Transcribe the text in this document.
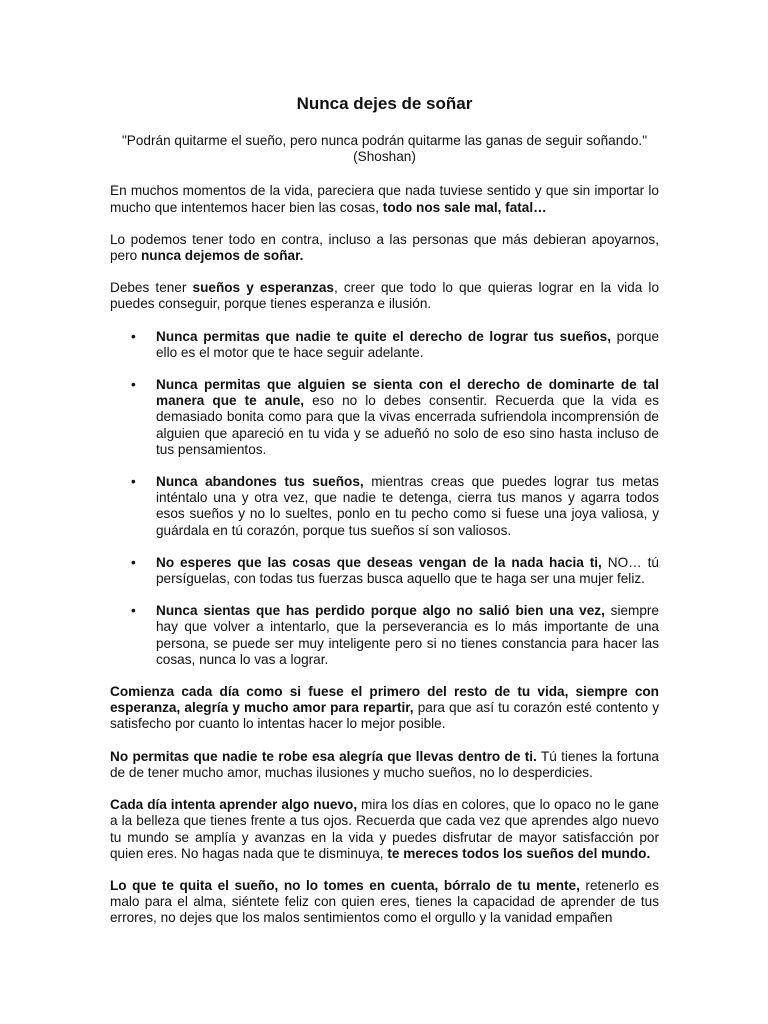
Nunca dejes de soñar

"Podrán quitarme el sueño, pero nunca podrán quitarme las ganas de seguir soñando."
(Shoshan)

En muchos momentos de la vida, pareciera que nada tuviese sentido y que sin importar lo mucho que intentemos hacer bien las cosas, todo nos sale mal, fatal…

Lo podemos tener todo en contra, incluso a las personas que más debieran apoyarnos, pero nunca dejemos de soñar.

Debes tener sueños y esperanzas, creer que todo lo que quieras lograr en la vida lo puedes conseguir, porque tienes esperanza e ilusión.

• Nunca permitas que nadie te quite el derecho de lograr tus sueños, porque ello es el motor que te hace seguir adelante.
• Nunca permitas que alguien se sienta con el derecho de dominarte de tal manera que te anule, eso no lo debes consentir. Recuerda que la vida es demasiado bonita como para que la vivas encerrada sufriendola incomprensión de alguien que apareció en tu vida y se adueñó no solo de eso sino hasta incluso de tus pensamientos.
• Nunca abandones tus sueños, mientras creas que puedes lograr tus metas inténtalo una y otra vez, que nadie te detenga, cierra tus manos y agarra todos esos sueños y no lo sueltes, ponlo en tu pecho como si fuese una joya valiosa, y guárdala en tú corazón, porque tus sueños sí son valiosos.
• No esperes que las cosas que deseas vengan de la nada hacia ti, NO… tú persíguelas, con todas tus fuerzas busca aquello que te haga ser una mujer feliz.
• Nunca sientas que has perdido porque algo no salió bien una vez, siempre hay que volver a intentarlo, que la perseverancia es lo más importante de una persona, se puede ser muy inteligente pero si no tienes constancia para hacer las cosas, nunca lo vas a lograr.

Comienza cada día como si fuese el primero del resto de tu vida, siempre con esperanza, alegría y mucho amor para repartir, para que así tu corazón esté contento y satisfecho por cuanto lo intentas hacer lo mejor posible.

No permitas que nadie te robe esa alegría que llevas dentro de ti. Tú tienes la fortuna de de tener mucho amor, muchas ilusiones y mucho sueños, no lo desperdicies.

Cada día intenta aprender algo nuevo, mira los días en colores, que lo opaco no le gane a la belleza que tienes frente a tus ojos. Recuerda que cada vez que aprendes algo nuevo tu mundo se amplía y avanzas en la vida y puedes disfrutar de mayor satisfacción por quien eres. No hagas nada que te disminuya, te mereces todos los sueños del mundo.

Lo que te quita el sueño, no lo tomes en cuenta, bórralo de tu mente, retenerlo es malo para el alma, siéntete feliz con quien eres, tienes la capacidad de aprender de tus errores, no dejes que los malos sentimientos como el orgullo y la vanidad empañen
